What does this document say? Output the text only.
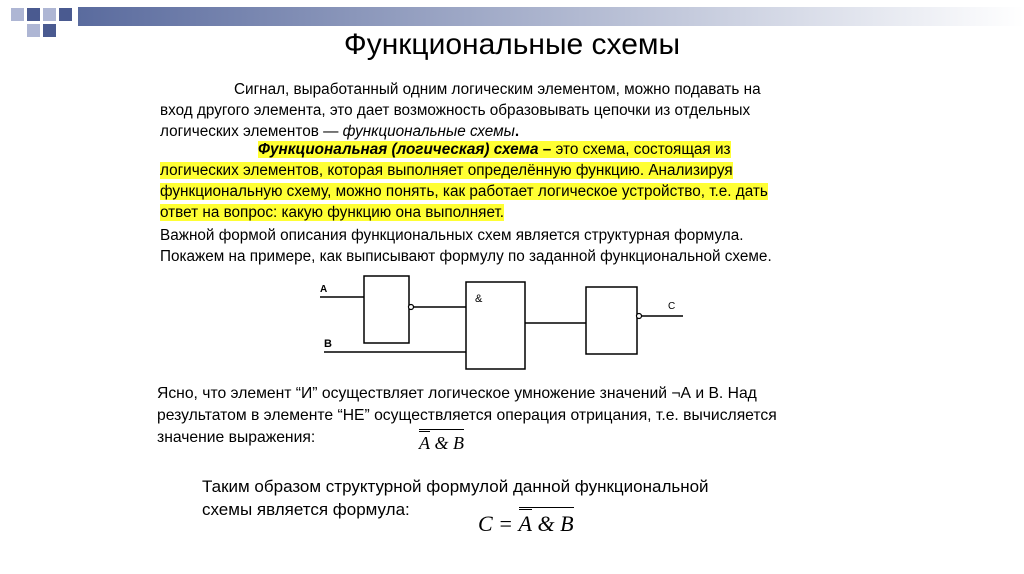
Функциональные схемы

Сигнал, выработанный одним логическим элементом, можно подавать на
вход другого элемента, это дает возможность образовывать цепочки из отдельных
логических элементов — функциональные схемы.

Функциональная (логическая) схема – это схема, состоящая из
логических элементов, которая выполняет определённую функцию. Анализируя
функциональную схему, можно понять, как работает логическое устройство, т.е. дать
ответ на вопрос: какую функцию она выполняет.

Важной формой описания функциональных схем является структурная формула.
Покажем на примере, как выписывают формулу по заданной функциональной схеме.

A
B
&
C

Ясно, что элемент “И” осуществляет логическое умножение значений ¬А и В. Над
результатом в элементе “НЕ” осуществляется операция отрицания, т.е. вычисляется
значение выражения:	A & B

Таким образом структурной формулой данной функциональной
схемы является формула:

C = A & B
